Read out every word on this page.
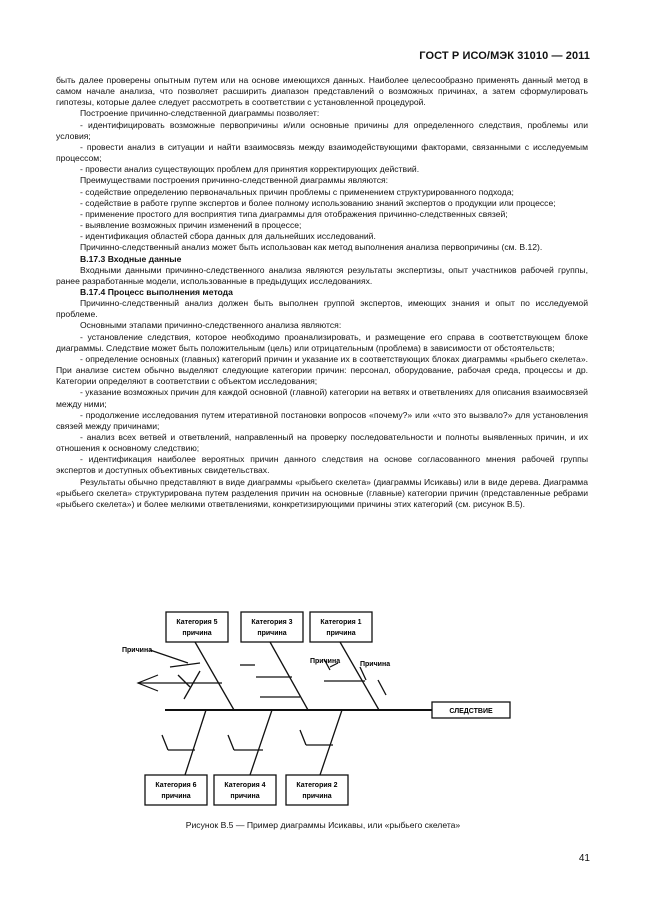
ГОСТ Р ИСО/МЭК 31010 — 2011

быть далее проверены опытным путем или на основе имеющихся данных. Наиболее целесообразно применять данный метод в самом начале анализа, что позволяет расширить диапазон представлений о возможных причинах, а затем сформулировать гипотезы, которые далее следует рассмотреть в соответствии с установленной процедурой.

Построение причинно-следственной диаграммы позволяет:

- идентифицировать возможные первопричины и/или основные причины для определенного следствия, проблемы или условия;

- провести анализ в ситуации и найти взаимосвязь между взаимодействующими факторами, связанными с исследуемым процессом;

- провести анализ существующих проблем для принятия корректирующих действий.

Преимуществами построения причинно-следственной диаграммы являются:

- содействие определению первоначальных причин проблемы с применением структурированного подхода;

- содействие в работе группе экспертов и более полному использованию знаний экспертов о продукции или процессе;

- применение простого для восприятия типа диаграммы для отображения причинно-следственных связей;

- выявление возможных причин изменений в процессе;

- идентификация областей сбора данных для дальнейших исследований.

Причинно-следственный анализ может быть использован как метод выполнения анализа первопричины (см. В.12).

В.17.3 Входные данные

Входными данными причинно-следственного анализа являются результаты экспертизы, опыт участников рабочей группы, ранее разработанные модели, использованные в предыдущих исследованиях.

В.17.4 Процесс выполнения метода

Причинно-следственный анализ должен быть выполнен группой экспертов, имеющих знания и опыт по исследуемой проблеме.

Основными этапами причинно-следственного анализа являются:

- установление следствия, которое необходимо проанализировать, и размещение его справа в соответствующем блоке диаграммы. Следствие может быть положительным (цель) или отрицательным (проблема) в зависимости от обстоятельств;

- определение основных (главных) категорий причин и указание их в соответствующих блоках диаграммы «рыбьего скелета». При анализе систем обычно выделяют следующие категории причин: персонал, оборудование, рабочая среда, процессы и др. Категории определяют в соответствии с объектом исследования;

- указание возможных причин для каждой основной (главной) категории на ветвях и ответвлениях для описания взаимосвязей между ними;

- продолжение исследования путем итеративной постановки вопросов «почему?» или «что это вызвало?» для установления связей между причинами;

- анализ всех ветвей и ответвлений, направленный на проверку последовательности и полноты выявленных причин, и их отношения к основному следствию;

- идентификация наиболее вероятных причин данного следствия на основе согласованного мнения рабочей группы экспертов и доступных объективных свидетельствах.

Результаты обычно представляют в виде диаграммы «рыбьего скелета» (диаграммы Исикавы) или в виде дерева. Диаграмма «рыбьего скелета» структурирована путем разделения причин на основные (главные) категории причин (представленные ребрами «рыбьего скелета») и более мелкими ответвлениями, конкретизирующими причины этих категорий (см. рисунок В.5).

Категория 5
причина
Категория 3
причина
Категория 1
причина
Категория 6
причина
Категория 4
причина
Категория 2
причина
СЛЕДСТВИЕ
Причина
Причина	Причина
Рисунок В.5 — Пример диаграммы Исикавы, или «рыбьего скелета»
41
